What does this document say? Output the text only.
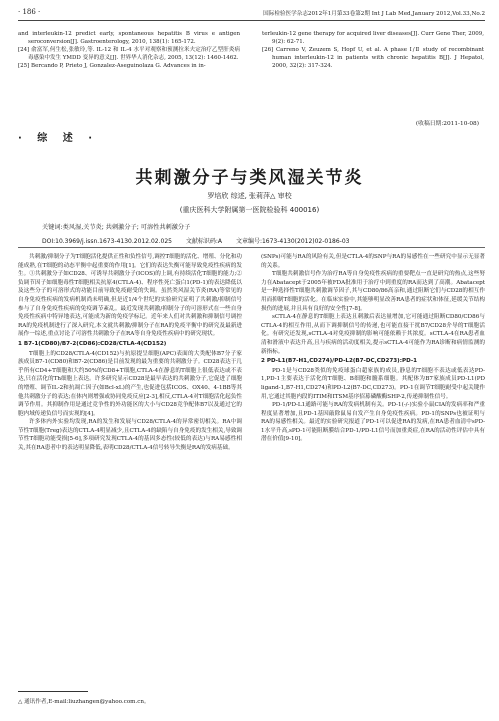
· 186 ·	国际检验医学杂志2012年1月第33卷第2期 Int J Lab Med,January 2012,Vol.33,No.2

and interleukin-12 predict early, spontaneous hepatitis B virus e antigen seroconversion[J]. Gastroenterology, 2010, 138(1): 165-172.

[24] 俞富军,何生松,张敏玲,等. IL-12 和 IL-4 水平对观察和预测拉米夫定治疗乙型肝炎病毒感染中发生 YMDD 变异的意义[J]. 世界华人消化杂志, 2005, 13(12): 1460-1462.

[25] Bercando P, Prieto J, Gonzalez-Aseguinolaza G. Advances in in-

terleukin-12 gene therapy for acquired liver diseases[J]. Curr Gene Ther, 2009, 9(2): 62-71.

[26] Carreno V, Zeuzem S, Hopf U, et al. A phase Ⅰ/Ⅱ study of recombinant human interleukin-12 in patients with chronic hepatitis B[J]. J Hepatol, 2000, 32(2): 317-324.

(收稿日期:2011-10-08)
· 综 述 ·
共刺激分子与类风湿关节炎
罗培欣 综述, 张莉萍△ 审校
(重庆医科大学附属第一医院检验科 400016)
关键词:类风湿,关节炎; 共刺激分子; 可溶性共刺激分子
DOI:10.3969/j.issn.1673-4130.2012.02.025 文献标识码:A 文章编号:1673-4130(2012)02-0186-03

共刺激/抑制分子为T细胞活化提供正性和负性信号,调控T细胞的活化、增殖、分化和功能成熟,在T细胞的动态平衡中起重要的作用[1]。它们的表达失衡可能导致免疫性疾病的发生。①共刺激分子如CD28、可诱导共刺激分子(ICOS)的上调,有持续活化T细胞的能力;②负调节因子如细胞毒性T细胞相关抗原4(CTLA-4)、程序性死亡蛋白1(PD-1)的表达降低以及这些分子的可溶形式的功能目前导致免疫耐受的失调。虽然类风湿关节炎(RA)等常见的自身免疫性疾病的发病机制尚未明确,但是近1/4个世纪的实验研究证明了共刺激/抑制信号参与了自身免疫性疾病的免疫调节紊乱。最近发现共刺激/抑制分子的可溶形式在一些自身免疫性疾病中特异地表达,可能成为新的免疫学标记。近年来人们对共刺激和抑制信号调控RA的免疫机制进行了深入研究,本文就共刺激/抑制分子在RA的免疫平衡中的研究及最新进展作一综述,重点讨论了可溶性共刺激分子在RA等自身免疫性疾病中的研究现状。

1 B7-1(CD80)/B7-2(CD86):CD28/CTLA-4(CD152)

T细胞上的CD28/CTLA-4(CD152)与抗原提呈细胞(APC)表面的大类配体B7分子家族成员B7-1(CD80)和B7-2(CD86)是目前发现的最为重要的共刺激分子。CD28表达于几乎所有CD4+T细胞和大约50%的CD8+T细胞,CTLA-4在静息的T细胞上很低表达或不表达,只在活化的Th细胞上表达。许多研究显示CD28是最早表达的共刺激分子,它促进了细胞的增殖、调节IL-2和抗凋亡因子(如Bcl-xL)的产生,也促进包括ICOS、OX40、4-1BB等其他共刺激分子的表达;在体内则增强或协同免疫反应[2-3],相反,CTLA-4对T细胞活化起负性调节作用。其抑制作用是通过竞争性的外功能区的大小与CD28竞争配体B7以及通过它的胞内域传递负信号而实现的[4]。

许多体内外实验均发现,RA的发生和发展与CD28/CTLA-4的异常密切相关。RA中调节性T细胞(Treg)表达的CTLA-4明显减少,且CTLA-4的缺陷与自身免疫的发生相关,导致调节性T细胞功能受损[5-6],多项研究发现CTLA-4的基因多态性(较低的表达)与RA易感性相关,其在RA患者中的表达明显降低,表明CD28/CTLA-4信号转导失衡是RA的发病基础。

(SNPs)可能与RA的风险有关,但是CTLA-4的SNP与RA的易感性在一些研究中显示无显著的关系。

T细胞共刺激信号作为治疗RA等自身免疫性疾病的重要靶点一直是研究的热点,这些努力在Abatacept于2005年被FDA批准用于治疗中到重度的RA而达到了高潮。Abatacept是一种选择性T细胞共刺激调节因子,其与CD80/86高亲和,通过阻断它们与CD28的相互作用而抑制T细胞的活化。在临床实验中,其能够明显改善RA患者的症状和体征,延缓关节结构损伤的进展,并且具有良好的安全性[7-8]。

sCTLA-4在静息的T细胞上表达且刺激后表达量增加,它可能通过阻断CD80/CD86与CTLA-4的相互作用,从而下调抑制信号的传递,也可能直接干扰B7/CD28介导的T细胞活化。有研究还发现,sCTLA-4对免疫抑制的影响可能依赖于其浓度。sCTLA-4在RA患者血清和滑液中表达升高,且与疾病的活动度相关,提示sCTLA-4可能作为RA诊断和病情监测的新指标。

2 PD-L1(B7-H1,CD274)/PD-L2(B7-DC,CD273):PD-1

PD-1是与CD28类似的免疫球蛋白超家族的成员,静息的T细胞不表达或低表达PD-1,PD-1主要表达于活化的T细胞、B细胞和髓系细胞。其配体为B7家族成员PD-L1(PD ligand-1,B7-H1,CD274)和PD-L2(B7-DC,CD273)。PD-1在调节T细胞耐受中起关键作用,它通过其胞内段的ITIM和ITSM基序招募磷酸酶SHP-2,传递抑制性信号。

PD-1/PD-L1通路可能与RA的发病机制有关。PD-1(-/-)实验小鼠CIA的发病率和严重程度显著增加,且PD-1基因敲除鼠易自发产生自身免疫性疾病。PD-1的SNPs也被证明与RA的易感性相关。最近的实验研究报道了PD-1可以促进RA的发病,在RA患者血清中sPD-1水平升高,sPD-1可能阻断膜结合PD-1/PD-L1信号而加重炎症,在RA的活动性评估中具有潜在价值[9-10]。

△ 通讯作者,E-mail:liuzhangen@yahoo.com.cn。
